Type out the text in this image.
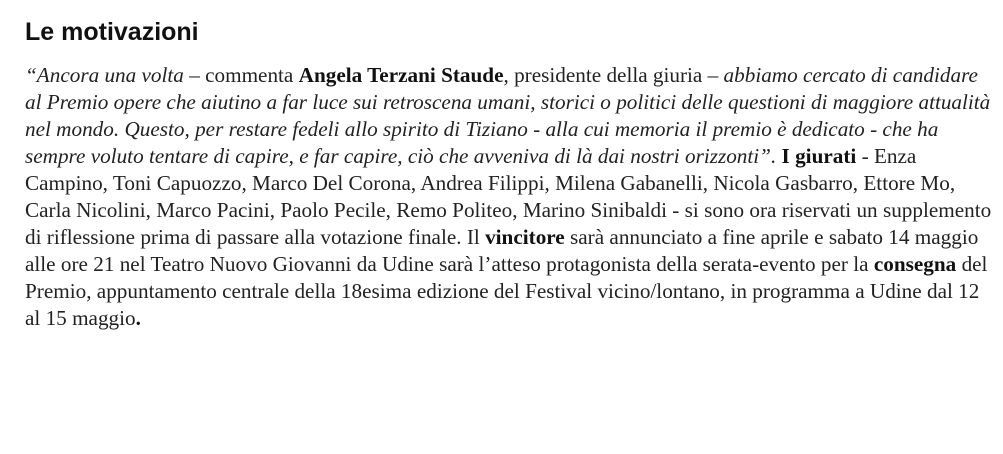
Le motivazioni

“Ancora una volta – commenta Angela Terzani Staude, presidente della giuria – abbiamo cercato di candidare al Premio opere che aiutino a far luce sui retroscena umani, storici o politici delle questioni di maggiore attualità nel mondo. Questo, per restare fedeli allo spirito di Tiziano - alla cui memoria il premio è dedicato - che ha sempre voluto tentare di capire, e far capire, ciò che avveniva di là dai nostri orizzonti”. I giurati - Enza Campino, Toni Capuozzo, Marco Del Corona, Andrea Filippi, Milena Gabanelli, Nicola Gasbarro, Ettore Mo, Carla Nicolini, Marco Pacini, Paolo Pecile, Remo Politeo, Marino Sinibaldi - si sono ora riservati un supplemento di riflessione prima di passare alla votazione finale. Il vincitore sarà annunciato a fine aprile e sabato 14 maggio alle ore 21 nel Teatro Nuovo Giovanni da Udine sarà l’atteso protagonista della serata-evento per la consegna del Premio, appuntamento centrale della 18esima edizione del Festival vicino/lontano, in programma a Udine dal 12 al 15 maggio.
